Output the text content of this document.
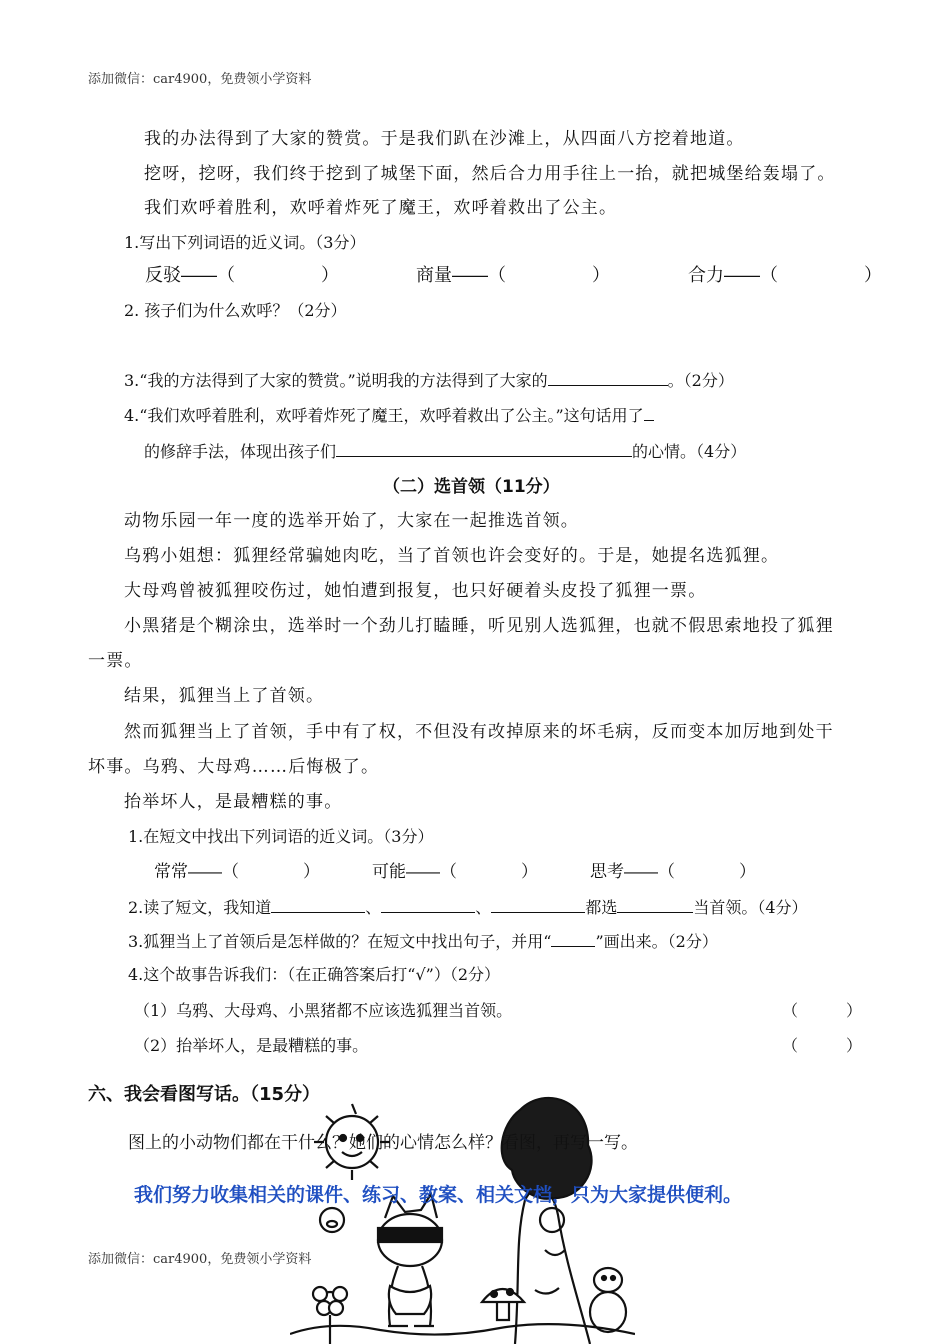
添加微信：car4900，免费领小学资料
我的办法得到了大家的赞赏。于是我们趴在沙滩上，从四面八方挖着地道。
挖呀，挖呀，我们终于挖到了城堡下面，然后合力用手往上一抬，就把城堡给轰塌了。
我们欢呼着胜利，欢呼着炸死了魔王，欢呼着救出了公主。
1.写出下列词语的近义词。（3分）
反驳——（	）	商量——（	）	合力——（	）
2. 孩子们为什么欢呼？（2分）
3.“我的方法得到了大家的赞赏。”说明我的方法得到了大家的	。（2分）
4.“我们欢呼着胜利，欢呼着炸死了魔王，欢呼着救出了公主。”这句话用了
的修辞手法，体现出孩子们	的心情。（4分）
（二）选首领（11分）
动物乐园一年一度的选举开始了，大家在一起推选首领。
乌鸦小姐想：狐狸经常骗她肉吃，当了首领也许会变好的。于是，她提名选狐狸。
大母鸡曾被狐狸咬伤过，她怕遭到报复，也只好硬着头皮投了狐狸一票。
小黑猪是个糊涂虫，选举时一个劲儿打瞌睡，听见别人选狐狸，也就不假思索地投了狐狸
一票。
结果，狐狸当上了首领。
然而狐狸当上了首领，手中有了权，不但没有改掉原来的坏毛病，反而变本加厉地到处干
坏事。乌鸦、大母鸡……后悔极了。
抬举坏人，是最糟糕的事。
1.在短文中找出下列词语的近义词。（3分）
常常——（	）	可能——（	）	思考——（	）
2.读了短文，我知道	、	、	都选	当首领。（4分）
3.狐狸当上了首领后是怎样做的？在短文中找出句子，并用“	”画出来。（2分）
4.这个故事告诉我们：（在正确答案后打“√”）（2分）
（1）乌鸦、大母鸡、小黑猪都不应该选狐狸当首领。	（	）
（2）抬举坏人，是最糟糕的事。	（	）
六、我会看图写话。（15分）
图上的小动物们都在干什么？她们的心情怎么样？看图，再写一写。
我们努力收集相关的课件、练习、教案、相关文档，只为大家提供便利。
添加微信：car4900，免费领小学资料
